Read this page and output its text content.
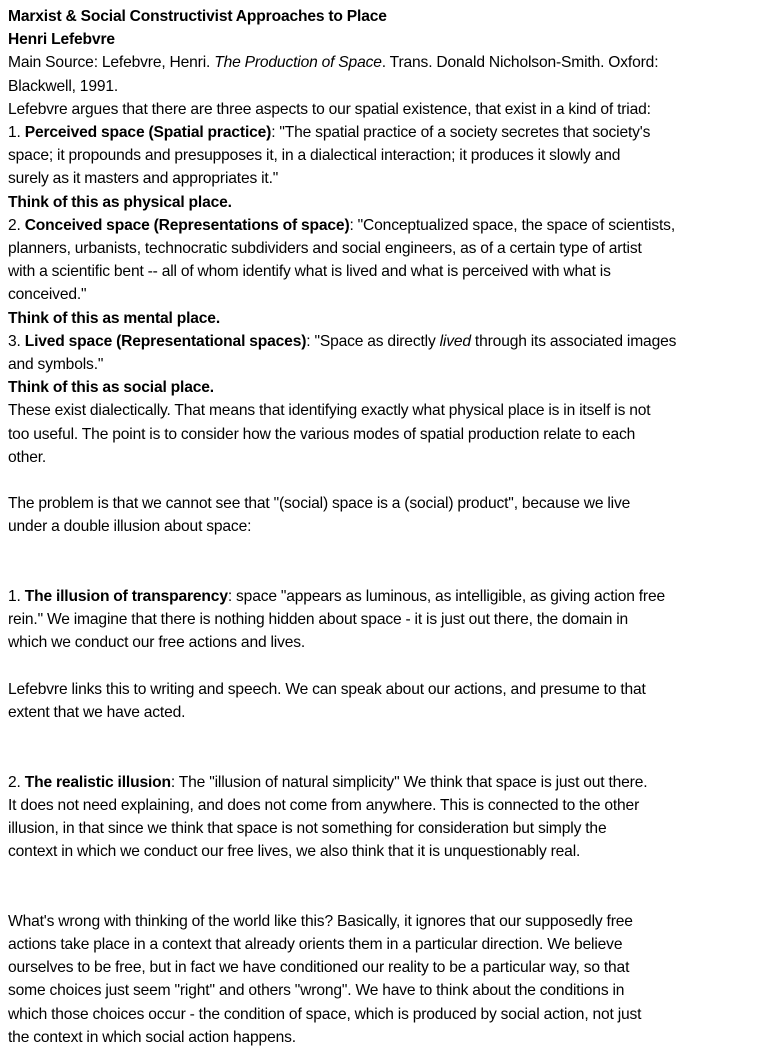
Marxist & Social Constructivist Approaches to Place
Henri Lefebvre
Main Source: Lefebvre, Henri. The Production of Space. Trans. Donald Nicholson-Smith. Oxford:
Blackwell, 1991.
Lefebvre argues that there are three aspects to our spatial existence, that exist in a kind of triad:
1. Perceived space (Spatial practice): "The spatial practice of a society secretes that society's
space; it propounds and presupposes it, in a dialectical interaction; it produces it slowly and
surely as it masters and appropriates it."
Think of this as physical place.
2. Conceived space (Representations of space): "Conceptualized space, the space of scientists,
planners, urbanists, technocratic subdividers and social engineers, as of a certain type of artist
with a scientific bent -- all of whom identify what is lived and what is perceived with what is
conceived."
Think of this as mental place.
3. Lived space (Representational spaces): "Space as directly lived through its associated images
and symbols."
Think of this as social place.
These exist dialectically. That means that identifying exactly what physical place is in itself is not
too useful. The point is to consider how the various modes of spatial production relate to each
other.
The problem is that we cannot see that "(social) space is a (social) product", because we live
under a double illusion about space:
1. The illusion of transparency: space "appears as luminous, as intelligible, as giving action free
rein." We imagine that there is nothing hidden about space - it is just out there, the domain in
which we conduct our free actions and lives.
Lefebvre links this to writing and speech. We can speak about our actions, and presume to that
extent that we have acted.
2. The realistic illusion: The "illusion of natural simplicity" We think that space is just out there.
It does not need explaining, and does not come from anywhere. This is connected to the other
illusion, in that since we think that space is not something for consideration but simply the
context in which we conduct our free lives, we also think that it is unquestionably real.
What's wrong with thinking of the world like this? Basically, it ignores that our supposedly free
actions take place in a context that already orients them in a particular direction. We believe
ourselves to be free, but in fact we have conditioned our reality to be a particular way, so that
some choices just seem "right" and others "wrong". We have to think about the conditions in
which those choices occur - the condition of space, which is produced by social action, not just
the context in which social action happens.
